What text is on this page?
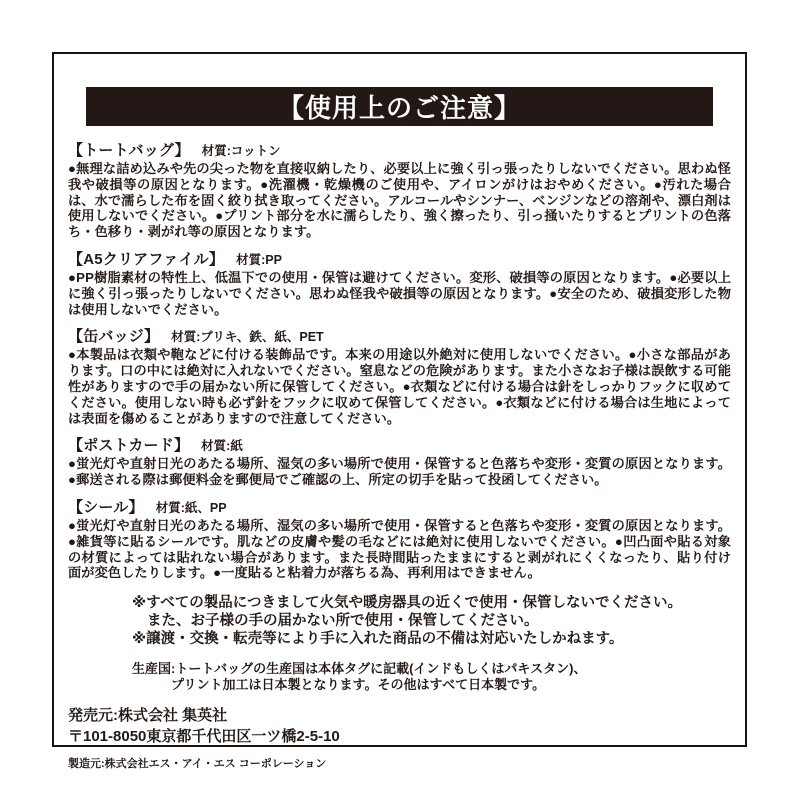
【使用上のご注意】
【トートバッグ】 材質:コットン

●無理な詰め込みや先の尖った物を直接収納したり、必要以上に強く引っ張ったりしないでください。思わぬ怪我や破損等の原因となります。●洗濯機・乾燥機のご使用や、アイロンがけはおやめください。●汚れた場合は、水で濡らした布を固く絞り拭き取ってください。アルコールやシンナー、ベンジンなどの溶剤や、漂白剤は使用しないでください。●プリント部分を水に濡らしたり、強く擦ったり、引っ掻いたりするとプリントの色落ち・色移り・剥がれ等の原因となります。

【A5クリアファイル】 材質:PP

●PP樹脂素材の特性上、低温下での使用・保管は避けてください。変形、破損等の原因となります。●必要以上に強く引っ張ったりしないでください。思わぬ怪我や破損等の原因となります。●安全のため、破損変形した物は使用しないでください。

【缶バッジ】 材質:ブリキ、鉄、紙、PET

●本製品は衣類や鞄などに付ける装飾品です。本来の用途以外絶対に使用しないでください。●小さな部品があります。口の中には絶対に入れないでください。窒息などの危険があります。また小さなお子様は誤飲する可能性がありますので手の届かない所に保管してください。●衣類などに付ける場合は針をしっかりフックに収めてください。使用しない時も必ず針をフックに収めて保管してください。●衣類などに付ける場合は生地によっては表面を傷めることがありますので注意してください。

【ポストカード】 材質:紙

●蛍光灯や直射日光のあたる場所、湿気の多い場所で使用・保管すると色落ちや変形・変質の原因となります。●郵送される際は郵便料金を郵便局でご確認の上、所定の切手を貼って投函してください。

【シール】 材質:紙、PP

●蛍光灯や直射日光のあたる場所、湿気の多い場所で使用・保管すると色落ちや変形・変質の原因となります。●雑貨等に貼るシールです。肌などの皮膚や髪の毛などには絶対に使用しないでください。●凹凸面や貼る対象の材質によっては貼れない場合があります。また長時間貼ったままにすると剥がれにくくなったり、貼り付け面が変色したりします。●一度貼ると粘着力が落ちる為、再利用はできません。

※すべての製品につきまして火気や暖房器具の近くで使用・保管しないでください。
また、お子様の手の届かない所で使用・保管してください。
※譲渡・交換・転売等により手に入れた商品の不備は対応いたしかねます。
生産国:トートバッグの生産国は本体タグに記載(インドもしくはパキスタン)、
プリント加工は日本製となります。その他はすべて日本製です。
発売元:株式会社 集英社
〒101-8050東京都千代田区一ツ橋2-5-10
製造元:株式会社エス・アイ・エス コーポレーション
